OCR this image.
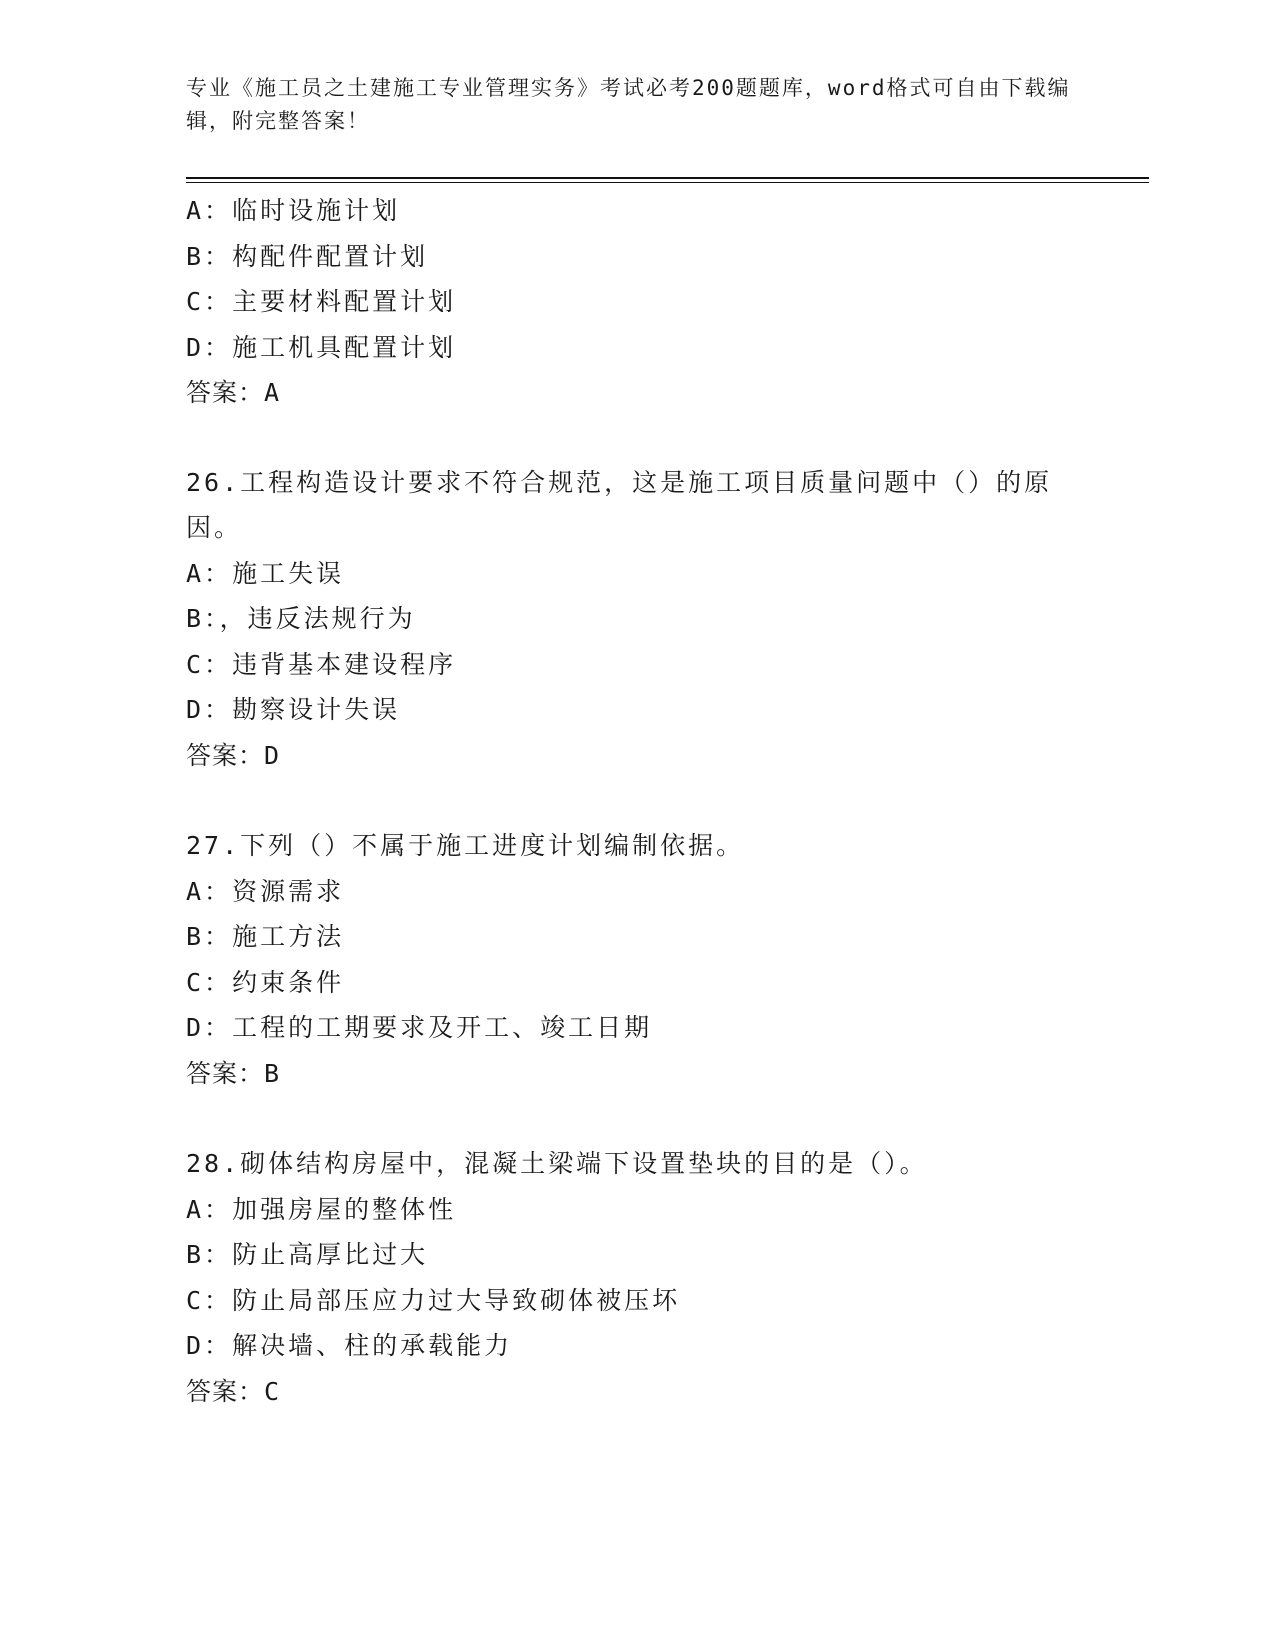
专业《施工员之土建施工专业管理实务》考试必考200题题库，word格式可自由下载编辑，附完整答案！
A：临时设施计划
B：构配件配置计划
C：主要材料配置计划
D：施工机具配置计划
答案：A

26.工程构造设计要求不符合规范，这是施工项目质量问题中（）的原因。

A：施工失误
B：，违反法规行为
C：违背基本建设程序
D：勘察设计失误
答案：D

27.下列（）不属于施工进度计划编制依据。

A：资源需求
B：施工方法
C：约束条件
D：工程的工期要求及开工、竣工日期
答案：B

28.砌体结构房屋中，混凝土梁端下设置垫块的目的是（）。

A：加强房屋的整体性
B：防止高厚比过大
C：防止局部压应力过大导致砌体被压坏
D：解决墙、柱的承载能力
答案：C
